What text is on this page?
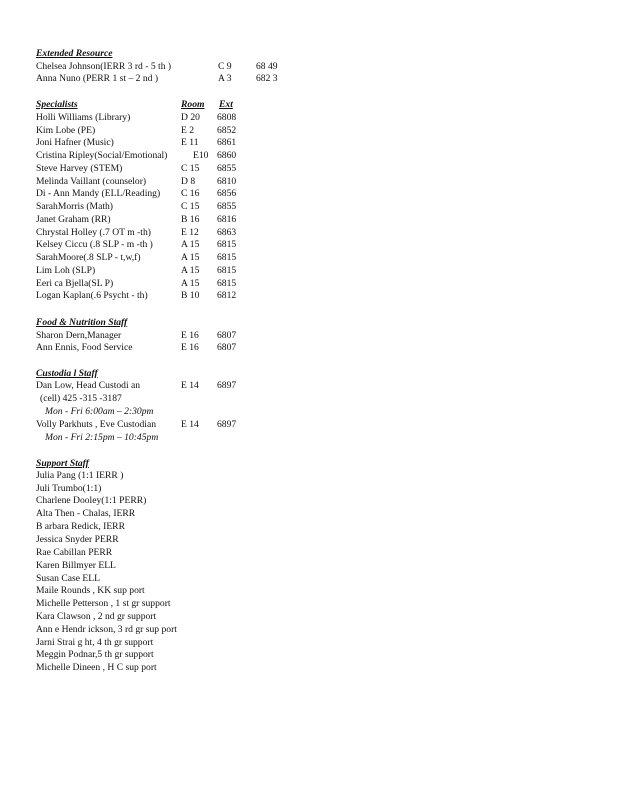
Extended Resource
Chelsea Johnson(IERR 3 rd - 5 th )	C 9	68 49
Anna Nuno (PERR 1 st – 2 nd )	A 3	682 3
Specialists	Room Ext
Holli Williams (Library)	D 20 6808
Kim Lobe (PE)	E 2 6852
Joni Hafner (Music)	E 11 6861
Cristina Ripley(Social/Emotional)	E10 6860
Steve Harvey (STEM)	C 15 6855
Melinda Vaillant (counselor)	D 8 6810
Di - Ann Mandy (ELL/Reading) C 16 6856
SarahMorris (Math)	C 15 6855
Janet Graham (RR)	B 16 6816
Chrystal Holley (.7 OT m -th)	E 12 6863
Kelsey Ciccu (.8 SLP - m -th )	A 15 6815
SarahMoore(.8 SLP - t,w,f)	A 15 6815
Lim Loh (SLP)	A 15 6815
Eeri ca Bjella(SL P)	A 15 6815
Logan Kaplan(.6 Psycht - th)	B 10 6812
Food & Nutrition Staff
Sharon Dern,Manager	E 16 6807
Ann Ennis, Food Service	E 16 6807
Custodia l Staff
Dan Low, Head Custodi an	E 14 6897
(cell) 425 -315 -3187
Mon - Fri 6:00am – 2:30pm
Volly Parkhuts , Eve Custodian	E 14 6897
Mon - Fri 2:15pm – 10:45pm
Support Staff
Julia Pang (1:1 IERR )
Juli Trumbo(1:1)
Charlene Dooley(1:1 PERR)
Alta Then - Chalas, IERR
B arbara Redick, IERR
Jessica Snyder PERR
Rae Cabillan PERR
Karen Billmyer ELL
Susan Case ELL
Maile Rounds , KK sup port
Michelle Petterson , 1 st gr support
Kara Clawson , 2 nd gr support
Ann e Hendr ickson, 3 rd gr sup port
Jarni Strai g ht, 4 th gr support
Meggin Podnar,5 th gr support
Michelle Dineen , H C sup port
